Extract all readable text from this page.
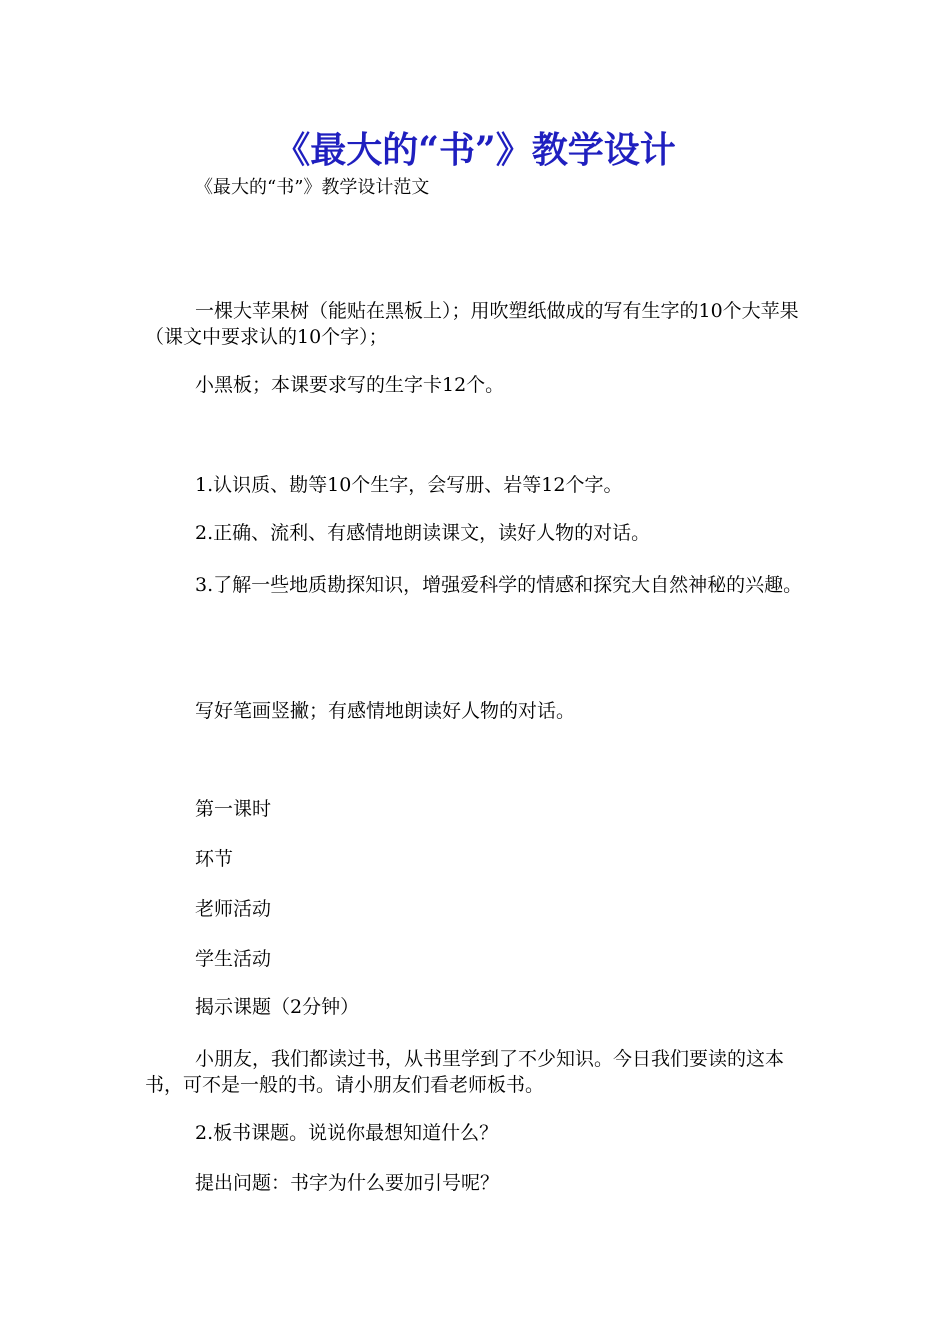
《最大的“书”》教学设计
《最大的“书”》教学设计范文
一棵大苹果树（能贴在黑板上）；用吹塑纸做成的写有生字的10个大苹果（课文中要求认的10个字）；
小黑板；本课要求写的生字卡12个。
1.认识质、勘等10个生字，会写册、岩等12个字。
2.正确、流利、有感情地朗读课文，读好人物的对话。
3.了解一些地质勘探知识，增强爱科学的情感和探究大自然神秘的兴趣。
写好笔画竖撇；有感情地朗读好人物的对话。
第一课时
环节
老师活动
学生活动
揭示课题（2分钟）
小朋友，我们都读过书，从书里学到了不少知识。今日我们要读的这本书，可不是一般的书。请小朋友们看老师板书。
2.板书课题。说说你最想知道什么？
提出问题：书字为什么要加引号呢？
